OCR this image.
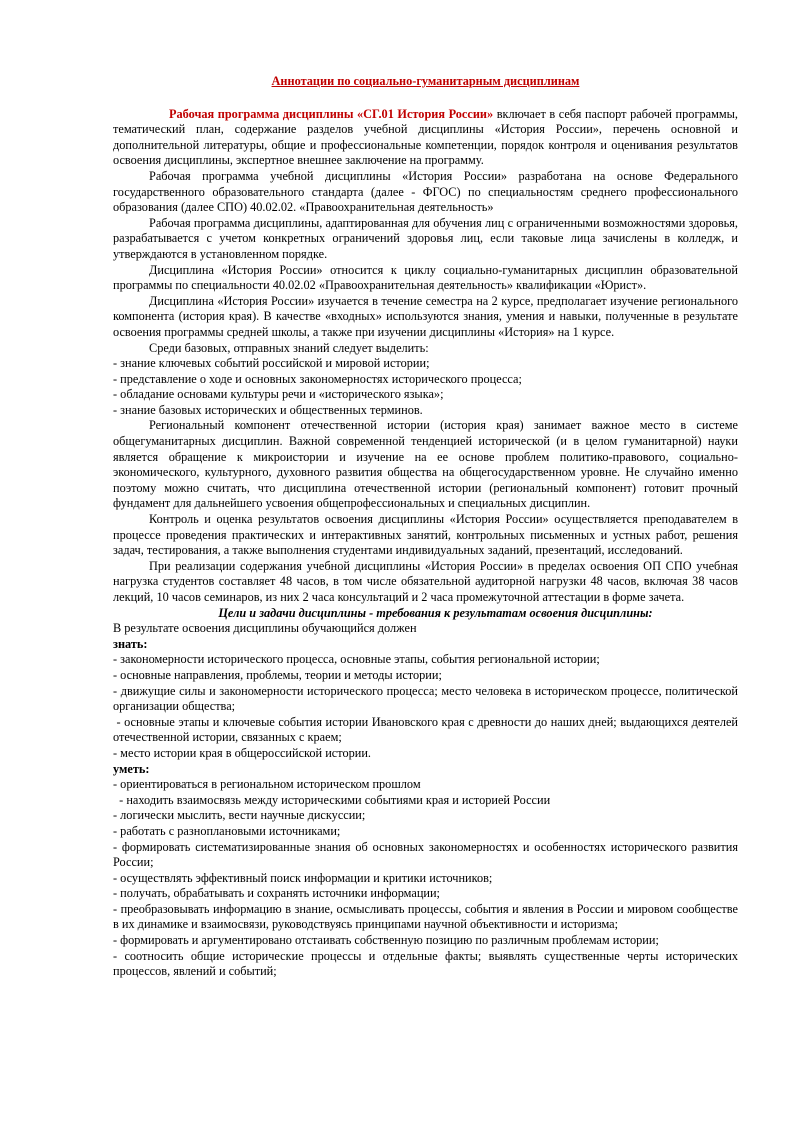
Аннотации по социально-гуманитарным дисциплинам

Рабочая программа дисциплины «СГ.01 История России» включает в себя паспорт рабочей программы, тематический план, содержание разделов учебной дисциплины «История России», перечень основной и дополнительной литературы, общие и профессиональные компетенции, порядок контроля и оценивания результатов освоения дисциплины, экспертное внешнее заключение на программу.

Рабочая программа учебной дисциплины «История России» разработана на основе Федерального государственного образовательного стандарта (далее - ФГОС) по специальностям среднего профессионального образования (далее СПО) 40.02.02. «Правоохранительная деятельность»

Рабочая программа дисциплины, адаптированная для обучения лиц с ограниченными возможностями здоровья, разрабатывается с учетом конкретных ограничений здоровья лиц, если таковые лица зачислены в колледж, и утверждаются в установленном порядке.

Дисциплина «История России» относится к циклу социально-гуманитарных дисциплин образовательной программы по специальности 40.02.02 «Правоохранительная деятельность» квалификации «Юрист».

Дисциплина «История России» изучается в течение семестра на 2 курсе, предполагает изучение регионального компонента (история края). В качестве «входных» используются знания, умения и навыки, полученные в результате освоения программы средней школы, а также при изучении дисциплины «История» на 1 курсе.

Среди базовых, отправных знаний следует выделить:

- знание ключевых событий российской и мировой истории;

- представление о ходе и основных закономерностях исторического процесса;

- обладание основами культуры речи и «исторического языка»;

- знание базовых исторических и общественных терминов.

Региональный компонент отечественной истории (история края) занимает важное место в системе общегуманитарных дисциплин. Важной современной тенденцией исторической (и в целом гуманитарной) науки является обращение к микроистории и изучение на ее основе проблем политико-правового, социально-экономического, культурного, духовного развития общества на общегосударственном уровне. Не случайно именно поэтому можно считать, что дисциплина отечественной истории (региональный компонент) готовит прочный фундамент для дальнейшего усвоения общепрофессиональных и специальных дисциплин.

Контроль и оценка результатов освоения дисциплины «История России» осуществляется преподавателем в процессе проведения практических и интерактивных занятий, контрольных письменных и устных работ, решения задач, тестирования, а также выполнения студентами индивидуальных заданий, презентаций, исследований.

При реализации содержания учебной дисциплины «История России» в пределах освоения ОП СПО учебная нагрузка студентов составляет 48 часов, в том числе обязательной аудиторной нагрузки 48 часов, включая 38 часов лекций, 10 часов семинаров, из них 2 часа консультаций и 2 часа промежуточной аттестации в форме зачета.

Цели и задачи дисциплины - требования к результатам освоения дисциплины:

В результате освоения дисциплины обучающийся должен

знать:

- закономерности исторического процесса, основные этапы, события региональной истории;

- основные направления, проблемы, теории и методы истории;

- движущие силы и закономерности исторического процесса; место человека в историческом процессе, политической организации общества;

- основные этапы и ключевые события истории Ивановского края с древности до наших дней; выдающихся деятелей отечественной истории, связанных с краем;

- место истории края в общероссийской истории.

уметь:

- ориентироваться в региональном историческом прошлом

- находить взаимосвязь между историческими событиями края и историей России

- логически мыслить, вести научные дискуссии;

- работать с разноплановыми источниками;

- формировать систематизированные знания об основных закономерностях и особенностях исторического развития России;

- осуществлять эффективный поиск информации и критики источников;

- получать, обрабатывать и сохранять источники информации;

- преобразовывать информацию в знание, осмысливать процессы, события и явления в России и мировом сообществе в их динамике и взаимосвязи, руководствуясь принципами научной объективности и историзма;

- формировать и аргументировано отстаивать собственную позицию по различным проблемам истории;

- соотносить общие исторические процессы и отдельные факты; выявлять существенные черты исторических процессов, явлений и событий;
